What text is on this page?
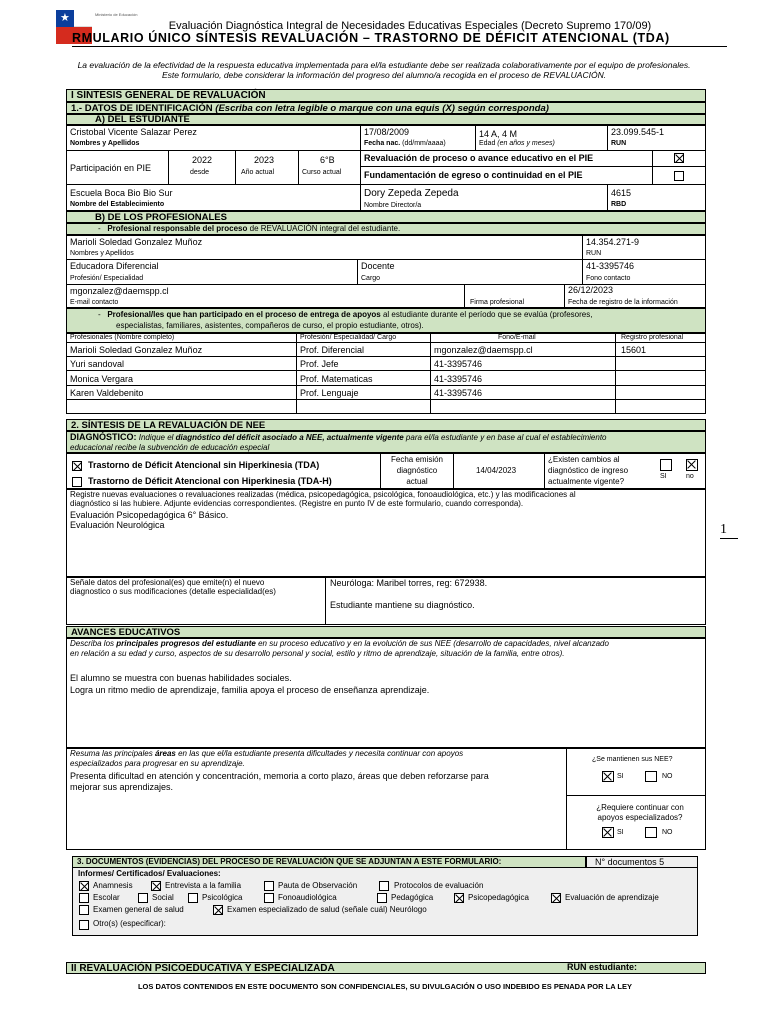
★	Ministerio de Educación
Evaluación Diagnóstica Integral de Necesidades Educativas Especiales (Decreto Supremo 170/09)
RMULARIO ÚNICO SÍNTESIS REVALUACIÓN – TRASTORNO DE DÉFICIT ATENCIONAL (TDA)
La evaluación de la efectividad de la respuesta educativa implementada para el/la estudiante debe ser realizada colaborativamente por el equipo de profesionales.
Este formulario, debe considerar la información del progreso del alumno/a recogida en el proceso de REVALUACIÓN.
I SÍNTESIS GENERAL DE REVALUACIÓN
1.- DATOS DE IDENTIFICACIÓN (Escriba con letra legible o marque con una equis (X) según corresponda)
A) DEL ESTUDIANTE
Cristobal Vicente Salazar Perez
Nombres y Apellidos
17/08/2009
Fecha nac. (dd/mm/aaaa)
14 A, 4 M
Edad (en años y meses)
23.099.545-1
RUN
Participación en PIE
2022
desde
2023
Año actual
6°B
Curso actual
Revaluación de proceso o avance educativo en el PIE
Fundamentación de egreso o continuidad en el PIE
Escuela Boca Bio Bio Sur
Nombre del Establecimiento
Dory Zepeda Zepeda
Nombre Director/a
4615
RBD
B) DE LOS PROFESIONALES
-   Profesional responsable del proceso de REVALUACIÓN integral del estudiante.
Marioli Soledad Gonzalez Muñoz
Nombres y Apellidos
14.354.271-9
RUN
Educadora Diferencial
Profesión/ Especialidad
Docente
Cargo
41-3395746
Fono contacto
mgonzalez@daemspp.cl
E-mail contacto	Firma profesional
26/12/2023
Fecha de registro de la información
-   Profesional/les que han participado en el proceso de entrega de apoyos al estudiante durante el período que se evalúa (profesores,
especialistas, familiares, asistentes, compañeros de curso, el propio estudiante, otros).
Profesionales (Nombre completo)	Profesión/ Especialidad/ Cargo	Fono/E-mail	Registro profesional
Marioli Soledad Gonzalez Muñoz	Prof. Diferencial	mgonzalez@daemspp.cl	15601
Yuri sandoval	Prof. Jefe	41-3395746
Monica Vergara	Prof. Matematicas	41-3395746
Karen Valdebenito	Prof. Lenguaje	41-3395746
2. SÍNTESIS DE LA REVALUACIÓN DE NEE
DIAGNÓSTICO: Indique el diagnóstico del déficit asociado a NEE, actualmente vigente para el/la estudiante y en base al cual el establecimiento
educacional recibe la subvención de educación especial
Trastorno de Déficit Atencional sin Hiperkinesia (TDA)
Trastorno de Déficit Atencional con Hiperkinesia (TDA-H)
Fecha emisión
diagnóstico
actual
14/04/2023
¿Existen cambios al
diagnóstico de ingreso
actualmente vigente?
SI	no
Registre nuevas evaluaciones o revaluaciones realizadas (médica, psicopedagógica, psicológica, fonoaudiológica, etc.) y las modificaciones al
diagnóstico si las hubiere. Adjunte evidencias correspondientes. (Registre en punto IV de este formulario, cuando corresponda).
Evaluación Psicopedagógica 6° Básico.
Evaluación Neurológica
Señale datos del profesional(es) que emite(n) el nuevo
diagnostico o sus modificaciones (detalle especialidad(es)
Neuróloga: Maribel torres, reg: 672938.
Estudiante mantiene su diagnóstico.
AVANCES EDUCATIVOS
Describa los principales progresos del estudiante en su proceso educativo y en la evolución de sus NEE (desarrollo de capacidades, nivel alcanzado
en relación a su edad y curso, aspectos de su desarrollo personal y social, estilo y ritmo de aprendizaje, situación de la familia, entre otros).
El alumno se muestra con buenas habilidades sociales.
Logra un ritmo medio de aprendizaje, familia apoya el proceso de enseñanza aprendizaje.
Resuma las principales áreas en las que el/la estudiante presenta dificultades y necesita continuar con apoyos
especializados para progresar en su aprendizaje.
Presenta dificultad en atención y concentración, memoria a corto plazo, áreas que deben reforzarse para
mejorar sus aprendizajes.
¿Se mantienen sus NEE?
SI	NO
¿Requiere continuar con
apoyos especializados?
SI	NO
3. DOCUMENTOS (EVIDENCIAS) DEL PROCESO DE REVALUACIÓN QUE SE ADJUNTAN A ESTE FORMULARIO:	N° documentos 5
Informes/ Certificados/ Evaluaciones:
Anamnesis	Entrevista a la familia	Pauta de Observación	Protocolos de evaluación
Escolar	Social	Psicológica	Fonoaudiológica	Pedagógica	Psicopedagógica	Evaluación de aprendizaje
Examen general de salud	Examen especializado de salud (señale cuál) Neurólogo
Otro(s) (especificar):
II REVALUACIÓN PSICOEDUCATIVA Y ESPECIALIZADA	RUN estudiante:
LOS DATOS CONTENIDOS EN ESTE DOCUMENTO SON CONFIDENCIALES, SU DIVULGACIÓN O USO INDEBIDO ES PENADA POR LA LEY
1
